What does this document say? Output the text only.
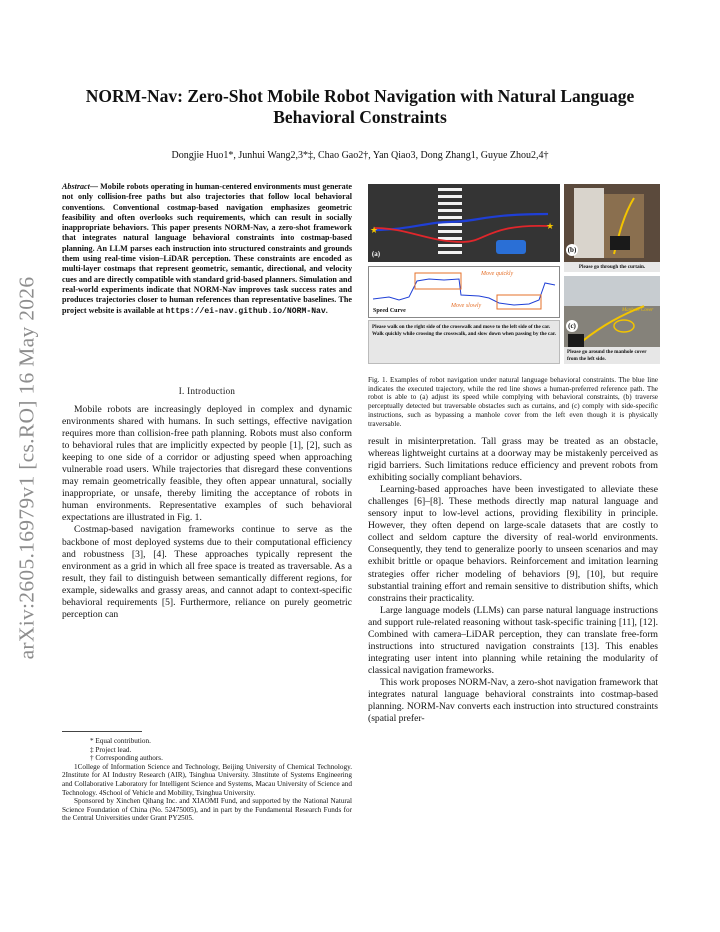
arXiv:2605.16979v1 [cs.RO] 16 May 2026
NORM-Nav: Zero-Shot Mobile Robot Navigation with Natural Language Behavioral Constraints
Dongjie Huo1*, Junhui Wang2,3*‡, Chao Gao2†, Yan Qiao3, Dong Zhang1, Guyue Zhou2,4†
Abstract— Mobile robots operating in human-centered environments must generate not only collision-free paths but also trajectories that follow local behavioral conventions. Conventional costmap-based navigation emphasizes geometric feasibility and often overlooks such requirements, which can result in socially inappropriate behaviors. This paper presents NORM-Nav, a zero-shot framework that integrates natural language behavioral constraints into costmap-based planning. An LLM parses each instruction into structured constraints and grounds them using real-time vision–LiDAR perception. These constraints are encoded as multi-layer costmaps that represent geometric, semantic, directional, and velocity cues and are directly compatible with standard grid-based planners. Simulation and real-world experiments indicate that NORM-Nav improves task success rates and produces trajectories closer to human references than representative baselines. The project website is available at https://ei-nav.github.io/NORM-Nav.
I. Introduction

Mobile robots are increasingly deployed in complex and dynamic environments shared with humans. In such settings, effective navigation requires more than collision-free path planning. Robots must also conform to behavioral rules that are implicitly expected by people [1], [2], such as keeping to one side of a corridor or adjusting speed when approaching vulnerable road users. While trajectories that disregard these conventions may remain geometrically feasible, they often appear unnatural, socially inappropriate, or unsafe, thereby limiting the acceptance of robots in human environments. Representative examples of such behavioral expectations are illustrated in Fig. 1.

Costmap-based navigation frameworks continue to serve as the backbone of most deployed systems due to their computational efficiency and robustness [3], [4]. These approaches typically represent the environment as a grid in which all free space is treated as traversable. As a result, they fail to distinguish between semantically different regions, for example, sidewalks and grassy areas, and cannot adapt to context-specific behavioral requirements [5]. Furthermore, reliance on purely geometric perception can

* Equal contribution.
‡ Project lead.
† Corresponding authors.
1College of Information Science and Technology, Beijing University of Chemical Technology. 2Institute for AI Industry Research (AIR), Tsinghua University. 3Institute of Systems Engineering and Collaborative Laboratory for Intelligent Science and Systems, Macau University of Science and Technology. 4School of Vehicle and Mobility, Tsinghua University.
Sponsored by Xinchen Qihang Inc. and XIAOMI Fund, and supported by the National Natural Science Foundation of China (No. 52475005), and in part by the Fundamental Research Funds for the Central Universities under Grant PY2505.
★	★
(a)
Move quickly
Move slowly
Speed Curve
Please walk on the right side of the crosswalk and move to the left side of the car. Walk quickly while crossing the crosswalk, and slow down when passing by the car.
(b)
Please go through the curtain.
Manhole Cover
(c)
Please go around the manhole cover from the left side.
Fig. 1. Examples of robot navigation under natural language behavioral constraints. The blue line indicates the executed trajectory, while the red line shows a human-preferred reference path. The robot is able to (a) adjust its speed while complying with behavioral constraints, (b) traverse perceptually detected but traversable obstacles such as curtains, and (c) comply with side-specific instructions, such as bypassing a manhole cover from the left even though it is physically traversable.

result in misinterpretation. Tall grass may be treated as an obstacle, whereas lightweight curtains at a doorway may be mistakenly perceived as rigid barriers. Such limitations reduce efficiency and prevent robots from exhibiting socially compliant behaviors.

Learning-based approaches have been investigated to alleviate these challenges [6]–[8]. These methods directly map natural language and sensory input to low-level actions, providing flexibility in principle. However, they often depend on large-scale datasets that are costly to collect and seldom capture the diversity of real-world environments. Consequently, they tend to generalize poorly to unseen scenarios and may exhibit brittle or opaque behaviors. Reinforcement and imitation learning strategies offer richer modeling of behaviors [9], [10], but require substantial training effort and remain sensitive to distribution shifts, which constrains their practicality.

Large language models (LLMs) can parse natural language instructions and support rule-related reasoning without task-specific training [11], [12]. Combined with camera–LiDAR perception, they can translate free-form instructions into structured navigation constraints [13]. This enables integrating user intent into planning while retaining the modularity of classical navigation frameworks.

This work proposes NORM-Nav, a zero-shot navigation framework that integrates natural language behavioral constraints into costmap-based planning. NORM-Nav converts each instruction into structured constraints (spatial prefer-
